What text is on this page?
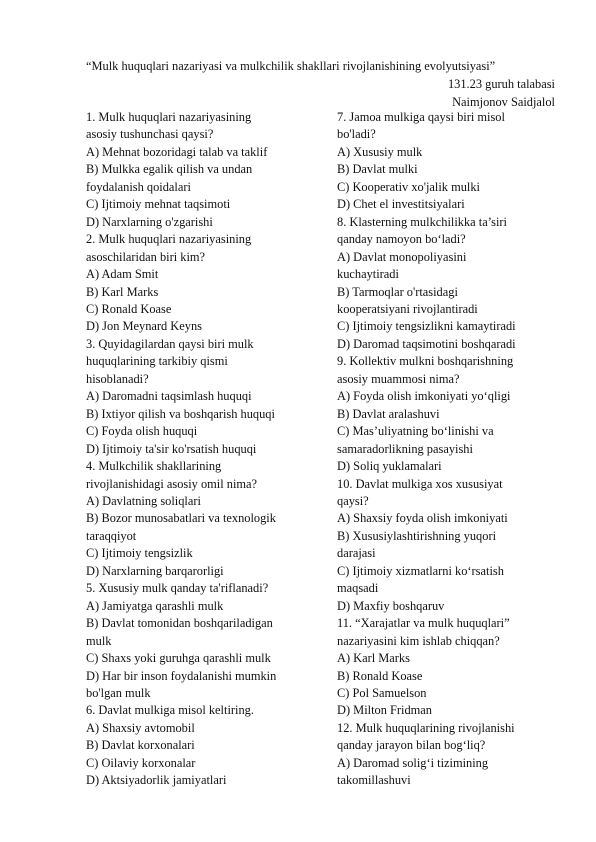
“Mulk huquqlari nazariyasi va mulkchilik shakllari rivojlanishining evolyutsiyasi”
131.23 guruh talabasi
Naimjonov Saidjalol
1. Mulk huquqlari nazariyasining
asosiy tushunchasi qaysi?
A) Mehnat bozoridagi talab va taklif
B) Mulkka egalik qilish va undan
foydalanish qoidalari
C) Ijtimoiy mehnat taqsimoti
D) Narxlarning o'zgarishi
2. Mulk huquqlari nazariyasining
asoschilaridan biri kim?
A) Adam Smit
B) Karl Marks
C) Ronald Koase
D) Jon Meynard Keyns
3. Quyidagilardan qaysi biri mulk
huquqlarining tarkibiy qismi
hisoblanadi?
A) Daromadni taqsimlash huquqi
B) Ixtiyor qilish va boshqarish huquqi
C) Foyda olish huquqi
D) Ijtimoiy ta'sir ko'rsatish huquqi
4. Mulkchilik shakllarining
rivojlanishidagi asosiy omil nima?
A) Davlatning soliqlari
B) Bozor munosabatlari va texnologik
taraqqiyot
C) Ijtimoiy tengsizlik
D) Narxlarning barqarorligi
5. Xususiy mulk qanday ta'riflanadi?
A) Jamiyatga qarashli mulk
B) Davlat tomonidan boshqariladigan
mulk
C) Shaxs yoki guruhga qarashli mulk
D) Har bir inson foydalanishi mumkin
bo'lgan mulk
6. Davlat mulkiga misol keltiring.
A) Shaxsiy avtomobil
B) Davlat korxonalari
C) Oilaviy korxonalar
D) Aktsiyadorlik jamiyatlari
7. Jamoa mulkiga qaysi biri misol
bo'ladi?
A) Xususiy mulk
B) Davlat mulki
C) Kooperativ xo'jalik mulki
D) Chet el investitsiyalari
8. Klasterning mulkchilikka ta’siri
qanday namoyon bo‘ladi?
A) Davlat monopoliyasini
kuchaytiradi
B) Tarmoqlar o'rtasidagi
kooperatsiyani rivojlantiradi
C) Ijtimoiy tengsizlikni kamaytiradi
D) Daromad taqsimotini boshqaradi
9. Kollektiv mulkni boshqarishning
asosiy muammosi nima?
A) Foyda olish imkoniyati yo‘qligi
B) Davlat aralashuvi
C) Mas’uliyatning bo‘linishi va
samaradorlikning pasayishi
D) Soliq yuklamalari
10. Davlat mulkiga xos xususiyat
qaysi?
A) Shaxsiy foyda olish imkoniyati
B) Xususiylashtirishning yuqori
darajasi
C) Ijtimoiy xizmatlarni ko‘rsatish
maqsadi
D) Maxfiy boshqaruv
11. “Xarajatlar va mulk huquqlari”
nazariyasini kim ishlab chiqqan?
A) Karl Marks
B) Ronald Koase
C) Pol Samuelson
D) Milton Fridman
12. Mulk huquqlarining rivojlanishi
qanday jarayon bilan bog‘liq?
A) Daromad solig‘i tizimining
takomillashuvi
